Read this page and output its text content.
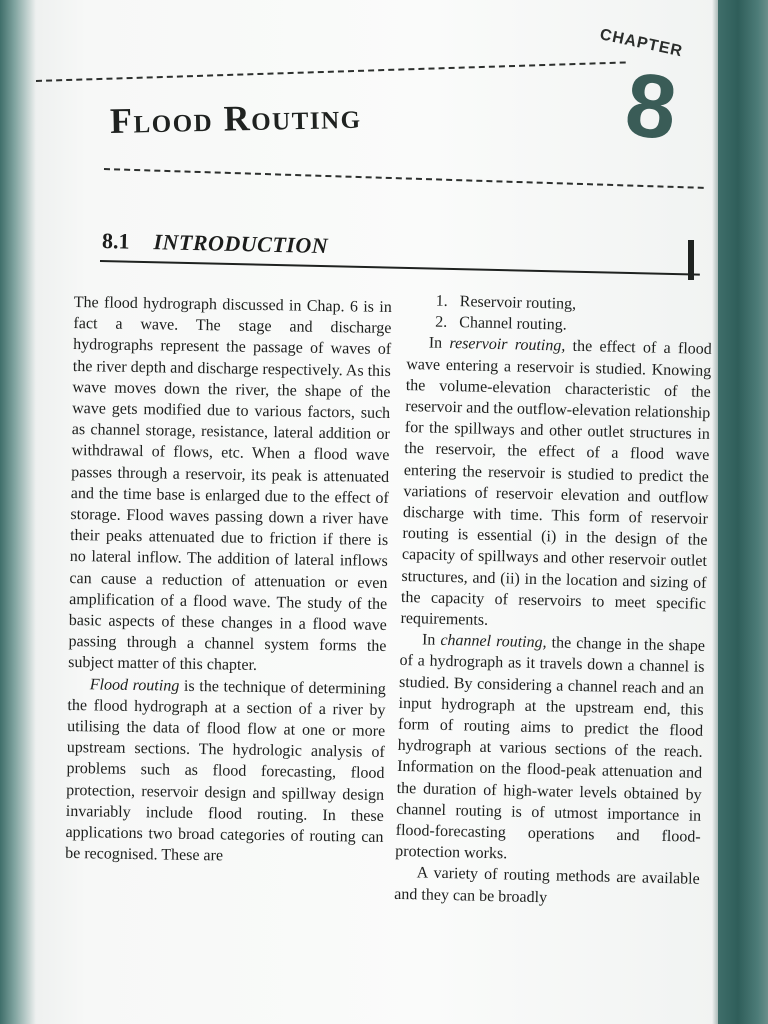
CHAPTER
8
Flood Routing
8.1 INTRODUCTION

The flood hydrograph discussed in Chap. 6 is in fact a wave. The stage and discharge hydrographs represent the passage of waves of the river depth and discharge respectively. As this wave moves down the river, the shape of the wave gets modified due to various factors, such as channel storage, resistance, lateral addition or withdrawal of flows, etc. When a flood wave passes through a reservoir, its peak is attenuated and the time base is enlarged due to the effect of storage. Flood waves passing down a river have their peaks attenuated due to friction if there is no lateral inflow. The addition of lateral inflows can cause a reduction of attenuation or even amplification of a flood wave. The study of the basic aspects of these changes in a flood wave passing through a channel system forms the subject matter of this chapter.

Flood routing is the technique of determining the flood hydrograph at a section of a river by utilising the data of flood flow at one or more upstream sections. The hydrologic analysis of problems such as flood forecasting, flood protection, reservoir design and spillway design invariably include flood routing. In these applications two broad categories of routing can be recognised. These are

1. Reservoir routing,
2. Channel routing.

In reservoir routing, the effect of a flood wave entering a reservoir is studied. Knowing the volume-elevation characteristic of the reservoir and the outflow-elevation relationship for the spillways and other outlet structures in the reservoir, the effect of a flood wave entering the reservoir is studied to predict the variations of reservoir elevation and outflow discharge with time. This form of reservoir routing is essential (i) in the design of the capacity of spillways and other reservoir outlet structures, and (ii) in the location and sizing of the capacity of reservoirs to meet specific requirements.

In channel routing, the change in the shape of a hydrograph as it travels down a channel is studied. By considering a channel reach and an input hydrograph at the upstream end, this form of routing aims to predict the flood hydrograph at various sections of the reach. Information on the flood-peak attenuation and the duration of high-water levels obtained by channel routing is of utmost importance in flood-forecasting operations and flood-protection works.

A variety of routing methods are available and they can be broadly
